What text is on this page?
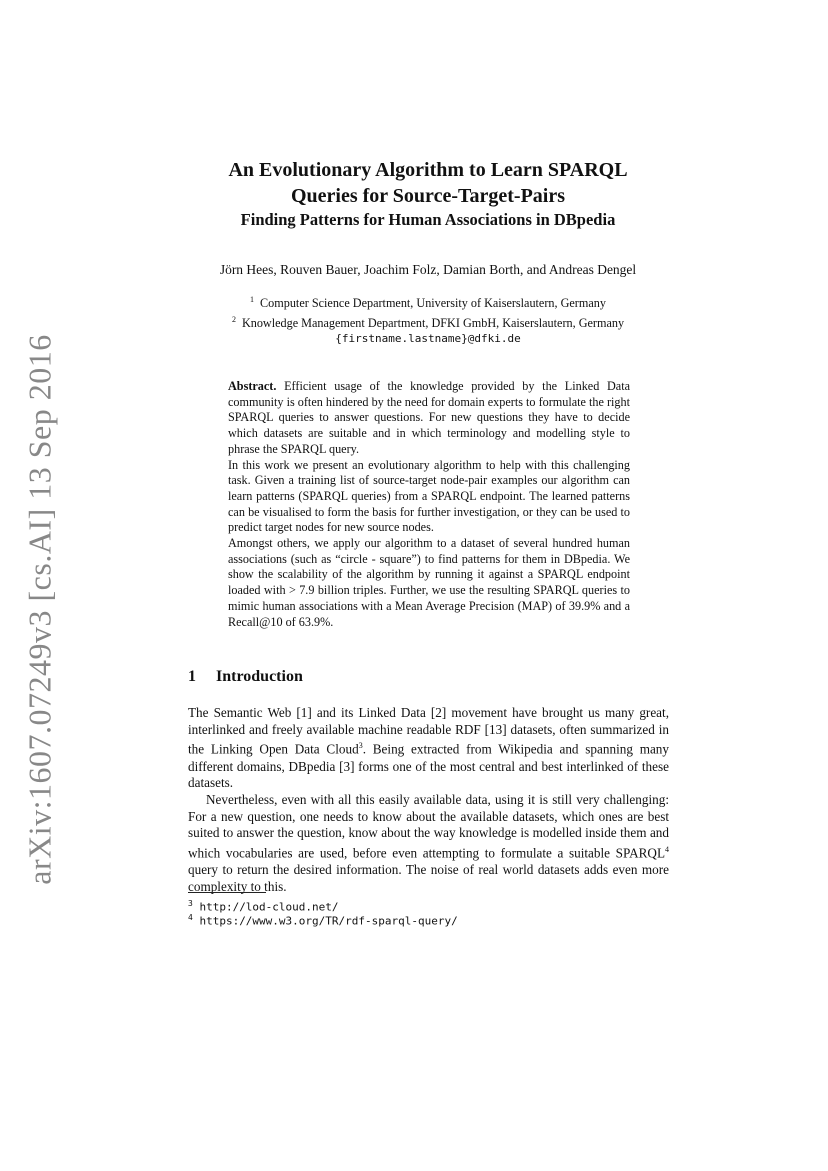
arXiv:1607.07249v3 [cs.AI] 13 Sep 2016
An Evolutionary Algorithm to Learn SPARQL
Queries for Source-Target-Pairs
Finding Patterns for Human Associations in DBpedia
Jörn Hees, Rouven Bauer, Joachim Folz, Damian Borth, and Andreas Dengel
$^1$ Computer Science Department, University of Kaiserslautern, Germany
$^2$ Knowledge Management Department, DFKI GmbH, Kaiserslautern, Germany
{firstname.lastname}@dfki.de

Abstract. Efficient usage of the knowledge provided by the Linked Data community is often hindered by the need for domain experts to formulate the right SPARQL queries to answer questions. For new questions they have to decide which datasets are suitable and in which terminology and modelling style to phrase the SPARQL query.

In this work we present an evolutionary algorithm to help with this challenging task. Given a training list of source-target node-pair examples our algorithm can learn patterns (SPARQL queries) from a SPARQL endpoint. The learned patterns can be visualised to form the basis for further investigation, or they can be used to predict target nodes for new source nodes.

Amongst others, we apply our algorithm to a dataset of several hundred human associations (such as “circle - square”) to find patterns for them in DBpedia. We show the scalability of the algorithm by running it against a SPARQL endpoint loaded with > 7.9 billion triples. Further, we use the resulting SPARQL queries to mimic human associations with a Mean Average Precision (MAP) of 39.9% and a Recall@10 of 63.9%.

1 Introduction

The Semantic Web [1] and its Linked Data [2] movement have brought us many great, interlinked and freely available machine readable RDF [13] datasets, often summarized in the Linking Open Data Cloud$^3$. Being extracted from Wikipedia and spanning many different domains, DBpedia [3] forms one of the most central and best interlinked of these datasets.

Nevertheless, even with all this easily available data, using it is still very challenging: For a new question, one needs to know about the available datasets, which ones are best suited to answer the question, know about the way knowledge is modelled inside them and which vocabularies are used, before even attempting to formulate a suitable SPARQL$^4$ query to return the desired information. The noise of real world datasets adds even more complexity to this.

$^3$ http://lod-cloud.net/
$^4$ https://www.w3.org/TR/rdf-sparql-query/
